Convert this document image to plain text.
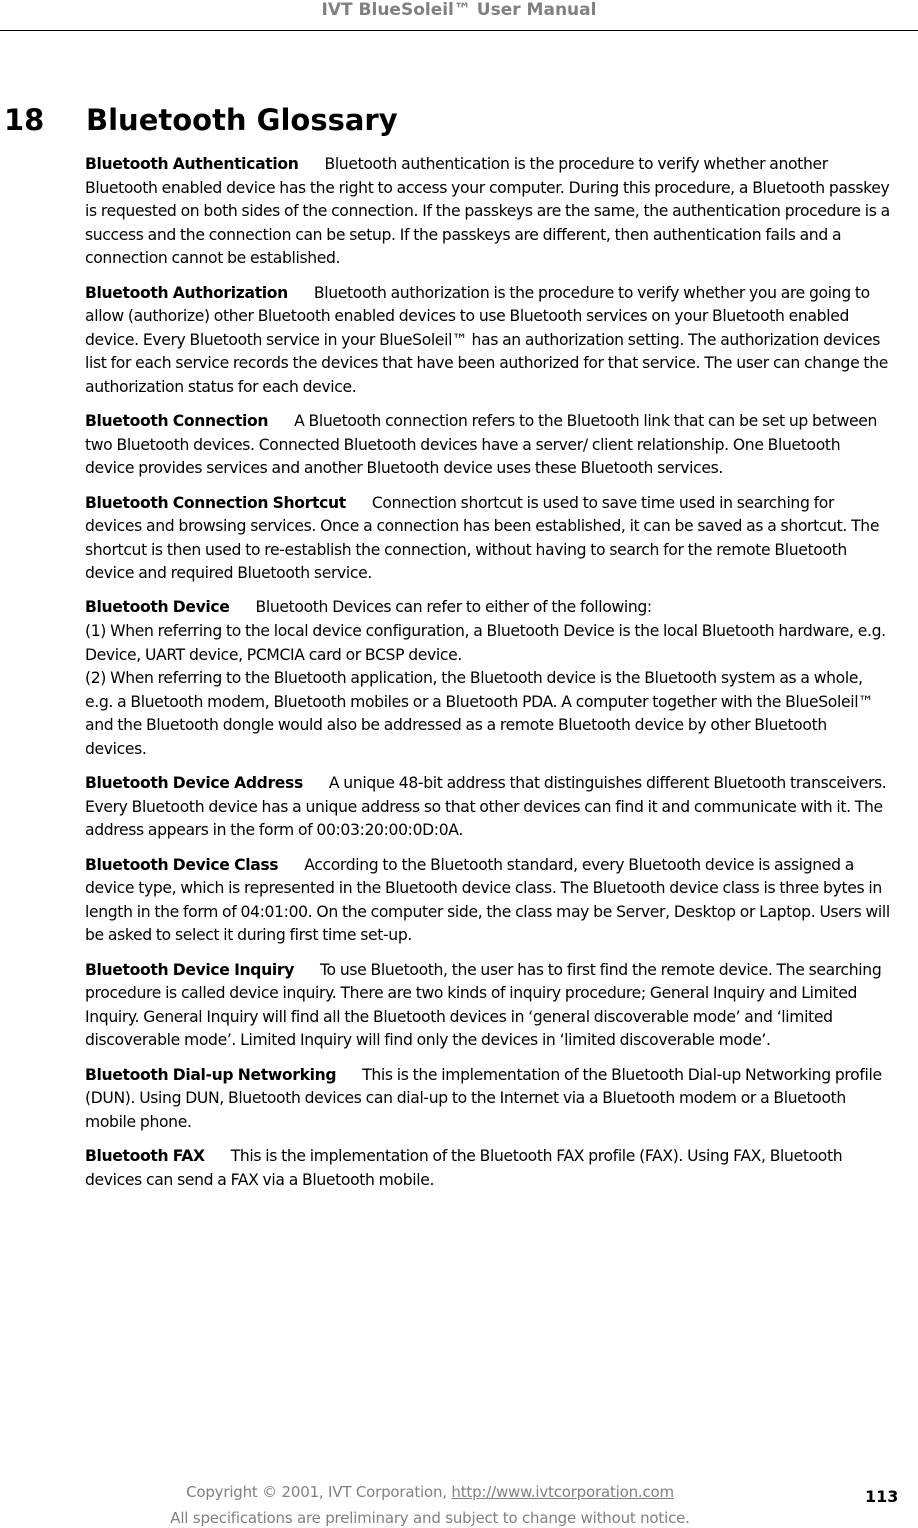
IVT BlueSoleil™ User Manual
18 Bluetooth Glossary

Bluetooth Authentication Bluetooth authentication is the procedure to verify whether another Bluetooth enabled device has the right to access your computer. During this procedure, a Bluetooth passkey is requested on both sides of the connection. If the passkeys are the same, the authentication procedure is a success and the connection can be setup. If the passkeys are different, then authentication fails and a connection cannot be established.

Bluetooth Authorization Bluetooth authorization is the procedure to verify whether you are going to allow (authorize) other Bluetooth enabled devices to use Bluetooth services on your Bluetooth enabled device. Every Bluetooth service in your BlueSoleil™ has an authorization setting. The authorization devices list for each service records the devices that have been authorized for that service. The user can change the authorization status for each device.

Bluetooth Connection A Bluetooth connection refers to the Bluetooth link that can be set up between two Bluetooth devices. Connected Bluetooth devices have a server/ client relationship. One Bluetooth device provides services and another Bluetooth device uses these Bluetooth services.

Bluetooth Connection Shortcut Connection shortcut is used to save time used in searching for devices and browsing services. Once a connection has been established, it can be saved as a shortcut. The shortcut is then used to re-establish the connection, without having to search for the remote Bluetooth device and required Bluetooth service.

Bluetooth Device Bluetooth Devices can refer to either of the following:
(1) When referring to the local device configuration, a Bluetooth Device is the local Bluetooth hardware, e.g. Device, UART device, PCMCIA card or BCSP device.
(2) When referring to the Bluetooth application, the Bluetooth device is the Bluetooth system as a whole, e.g. a Bluetooth modem, Bluetooth mobiles or a Bluetooth PDA. A computer together with the BlueSoleil™ and the Bluetooth dongle would also be addressed as a remote Bluetooth device by other Bluetooth devices.

Bluetooth Device Address A unique 48-bit address that distinguishes different Bluetooth transceivers. Every Bluetooth device has a unique address so that other devices can find it and communicate with it. The address appears in the form of 00:03:20:00:0D:0A.

Bluetooth Device Class According to the Bluetooth standard, every Bluetooth device is assigned a device type, which is represented in the Bluetooth device class. The Bluetooth device class is three bytes in length in the form of 04:01:00. On the computer side, the class may be Server, Desktop or Laptop. Users will be asked to select it during first time set-up.

Bluetooth Device Inquiry To use Bluetooth, the user has to first find the remote device. The searching procedure is called device inquiry. There are two kinds of inquiry procedure; General Inquiry and Limited Inquiry. General Inquiry will find all the Bluetooth devices in ‘general discoverable mode’ and ‘limited discoverable mode’. Limited Inquiry will find only the devices in ‘limited discoverable mode’.

Bluetooth Dial-up Networking This is the implementation of the Bluetooth Dial-up Networking profile (DUN). Using DUN, Bluetooth devices can dial-up to the Internet via a Bluetooth modem or a Bluetooth mobile phone.

Bluetooth FAX This is the implementation of the Bluetooth FAX profile (FAX). Using FAX, Bluetooth devices can send a FAX via a Bluetooth mobile.

Copyright © 2001, IVT Corporation, http://www.ivtcorporation.com
All specifications are preliminary and subject to change without notice.
113
